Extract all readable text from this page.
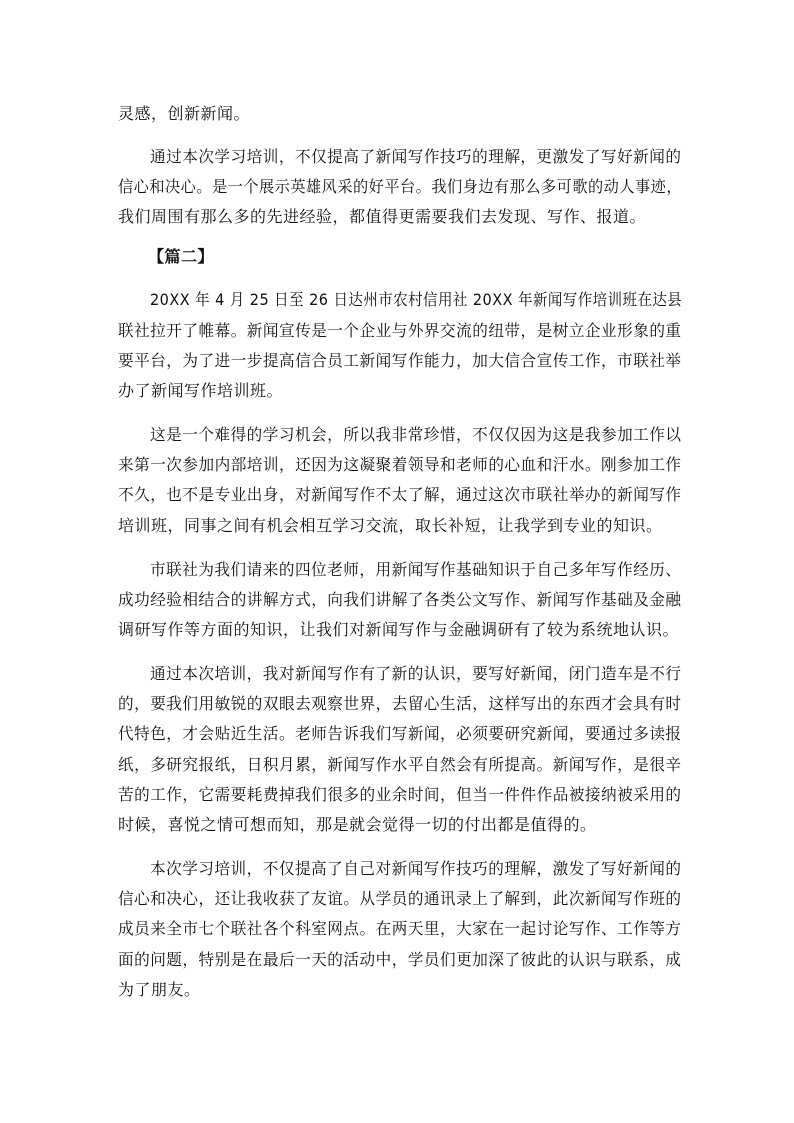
灵感，创新新闻。

通过本次学习培训，不仅提高了新闻写作技巧的理解，更激发了写好新闻的

信心和决心。是一个展示英雄风采的好平台。我们身边有那么多可歌的动人事迹，

我们周围有那么多的先进经验，都值得更需要我们去发现、写作、报道。

【篇二】

20XX 年 4 月 25 日至 26 日达州市农村信用社 20XX 年新闻写作培训班在达县

联社拉开了帷幕。新闻宣传是一个企业与外界交流的纽带，是树立企业形象的重

要平台，为了进一步提高信合员工新闻写作能力，加大信合宣传工作，市联社举

办了新闻写作培训班。

这是一个难得的学习机会，所以我非常珍惜，不仅仅因为这是我参加工作以

来第一次参加内部培训，还因为这凝聚着领导和老师的心血和汗水。刚参加工作

不久，也不是专业出身，对新闻写作不太了解，通过这次市联社举办的新闻写作

培训班，同事之间有机会相互学习交流，取长补短，让我学到专业的知识。

市联社为我们请来的四位老师，用新闻写作基础知识于自己多年写作经历、

成功经验相结合的讲解方式，向我们讲解了各类公文写作、新闻写作基础及金融

调研写作等方面的知识，让我们对新闻写作与金融调研有了较为系统地认识。

通过本次培训，我对新闻写作有了新的认识，要写好新闻，闭门造车是不行

的，要我们用敏锐的双眼去观察世界，去留心生活，这样写出的东西才会具有时

代特色，才会贴近生活。老师告诉我们写新闻，必须要研究新闻，要通过多读报

纸，多研究报纸，日积月累，新闻写作水平自然会有所提高。新闻写作，是很辛

苦的工作，它需要耗费掉我们很多的业余时间，但当一件件作品被接纳被采用的

时候，喜悦之情可想而知，那是就会觉得一切的付出都是值得的。

本次学习培训，不仅提高了自己对新闻写作技巧的理解，激发了写好新闻的

信心和决心，还让我收获了友谊。从学员的通讯录上了解到，此次新闻写作班的

成员来全市七个联社各个科室网点。在两天里，大家在一起讨论写作、工作等方

面的问题，特别是在最后一天的活动中，学员们更加深了彼此的认识与联系，成

为了朋友。
